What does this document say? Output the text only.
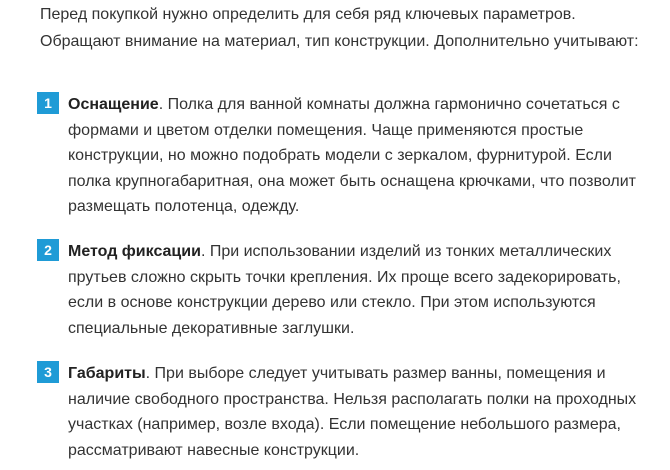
Перед покупкой нужно определить для себя ряд ключевых параметров. Обращают внимание на материал, тип конструкции. Дополнительно учитывают:

1	Оснащение. Полка для ванной комнаты должна гармонично сочетаться с формами и цветом отделки помещения. Чаще применяются простые конструкции, но можно подобрать модели с зеркалом, фурнитурой. Если полка крупногабаритная, она может быть оснащена крючками, что позволит размещать полотенца, одежду.

2	Метод фиксации. При использовании изделий из тонких металлических прутьев сложно скрыть точки крепления. Их проще всего задекорировать, если в основе конструкции дерево или стекло. При этом используются специальные декоративные заглушки.

3	Габариты. При выборе следует учитывать размер ванны, помещения и наличие свободного пространства. Нельзя располагать полки на проходных участках (например, возле входа). Если помещение небольшого размера, рассматривают навесные конструкции.
